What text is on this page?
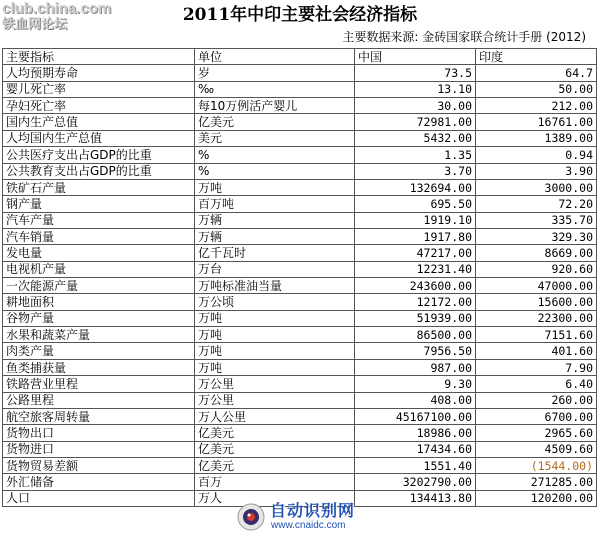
club.china.com
铁血网论坛	2011年中印主要社会经济指标
主要数据来源: 金砖国家联合统计手册 (2012)
主要指标	单位	中国	印度
人均预期寿命	岁	73.5	64.7
婴儿死亡率	‰	13.10	50.00
孕妇死亡率	每10万例活产婴儿	30.00	212.00
国内生产总值	亿美元	72981.00	16761.00
人均国内生产总值	美元	5432.00	1389.00
公共医疗支出占GDP的比重	%	1.35	0.94
公共教育支出占GDP的比重	%	3.70	3.90
铁矿石产量	万吨	132694.00	3000.00
钢产量	百万吨	695.50	72.20
汽车产量	万辆	1919.10	335.70
汽车销量	万辆	1917.80	329.30
发电量	亿千瓦时	47217.00	8669.00
电视机产量	万台	12231.40	920.60
一次能源产量	万吨标准油当量	243600.00	47000.00
耕地面积	万公顷	12172.00	15600.00
谷物产量	万吨	51939.00	22300.00
水果和蔬菜产量	万吨	86500.00	7151.60
肉类产量	万吨	7956.50	401.60
鱼类捕获量	万吨	987.00	7.90
铁路营业里程	万公里	9.30	6.40
公路里程	万公里	408.00	260.00
航空旅客周转量	万人公里	45167100.00	6700.00
货物出口	亿美元	18986.00	2965.60
货物进口	亿美元	17434.60	4509.60
货物贸易差额	亿美元	1551.40	(1544.00)
外汇储备	百万	3202790.00	271285.00
人口	万人	134413.80	120200.00
自动识别网
www.cnaidc.com
